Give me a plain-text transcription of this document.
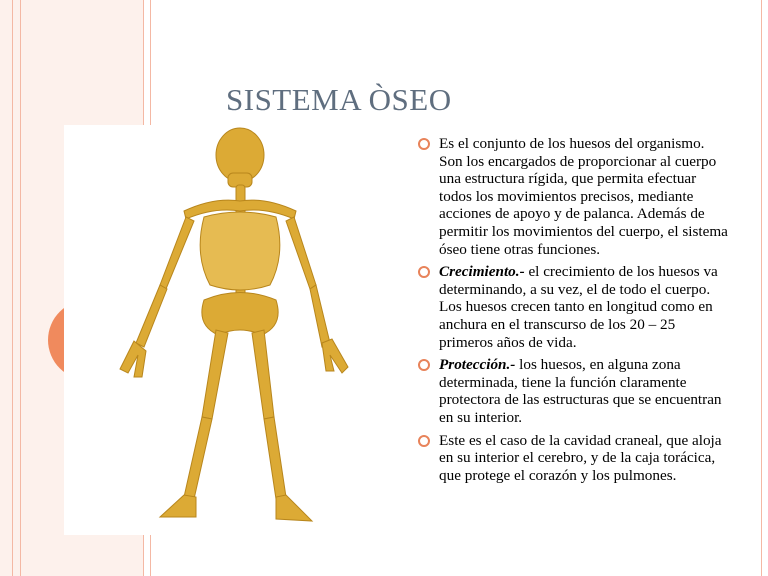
SISTEMA ÒSEO
Es el conjunto de los huesos del organismo. Son los encargados de proporcionar al cuerpo una estructura rígida, que permita efectuar todos los movimientos precisos, mediante acciones de apoyo y de palanca. Además de permitir los movimientos del cuerpo, el sistema óseo tiene otras funciones.
Crecimiento.- el crecimiento de los huesos va determinando, a su vez, el de todo el cuerpo. Los huesos crecen tanto en longitud como en anchura en el transcurso de los 20 – 25 primeros años de vida.
Protección.- los huesos, en alguna zona determinada, tiene la función claramente protectora de las estructuras que se encuentran en su interior.
Este es el caso de la cavidad craneal, que aloja en su interior el cerebro, y de la caja torácica, que protege el corazón y los pulmones.
